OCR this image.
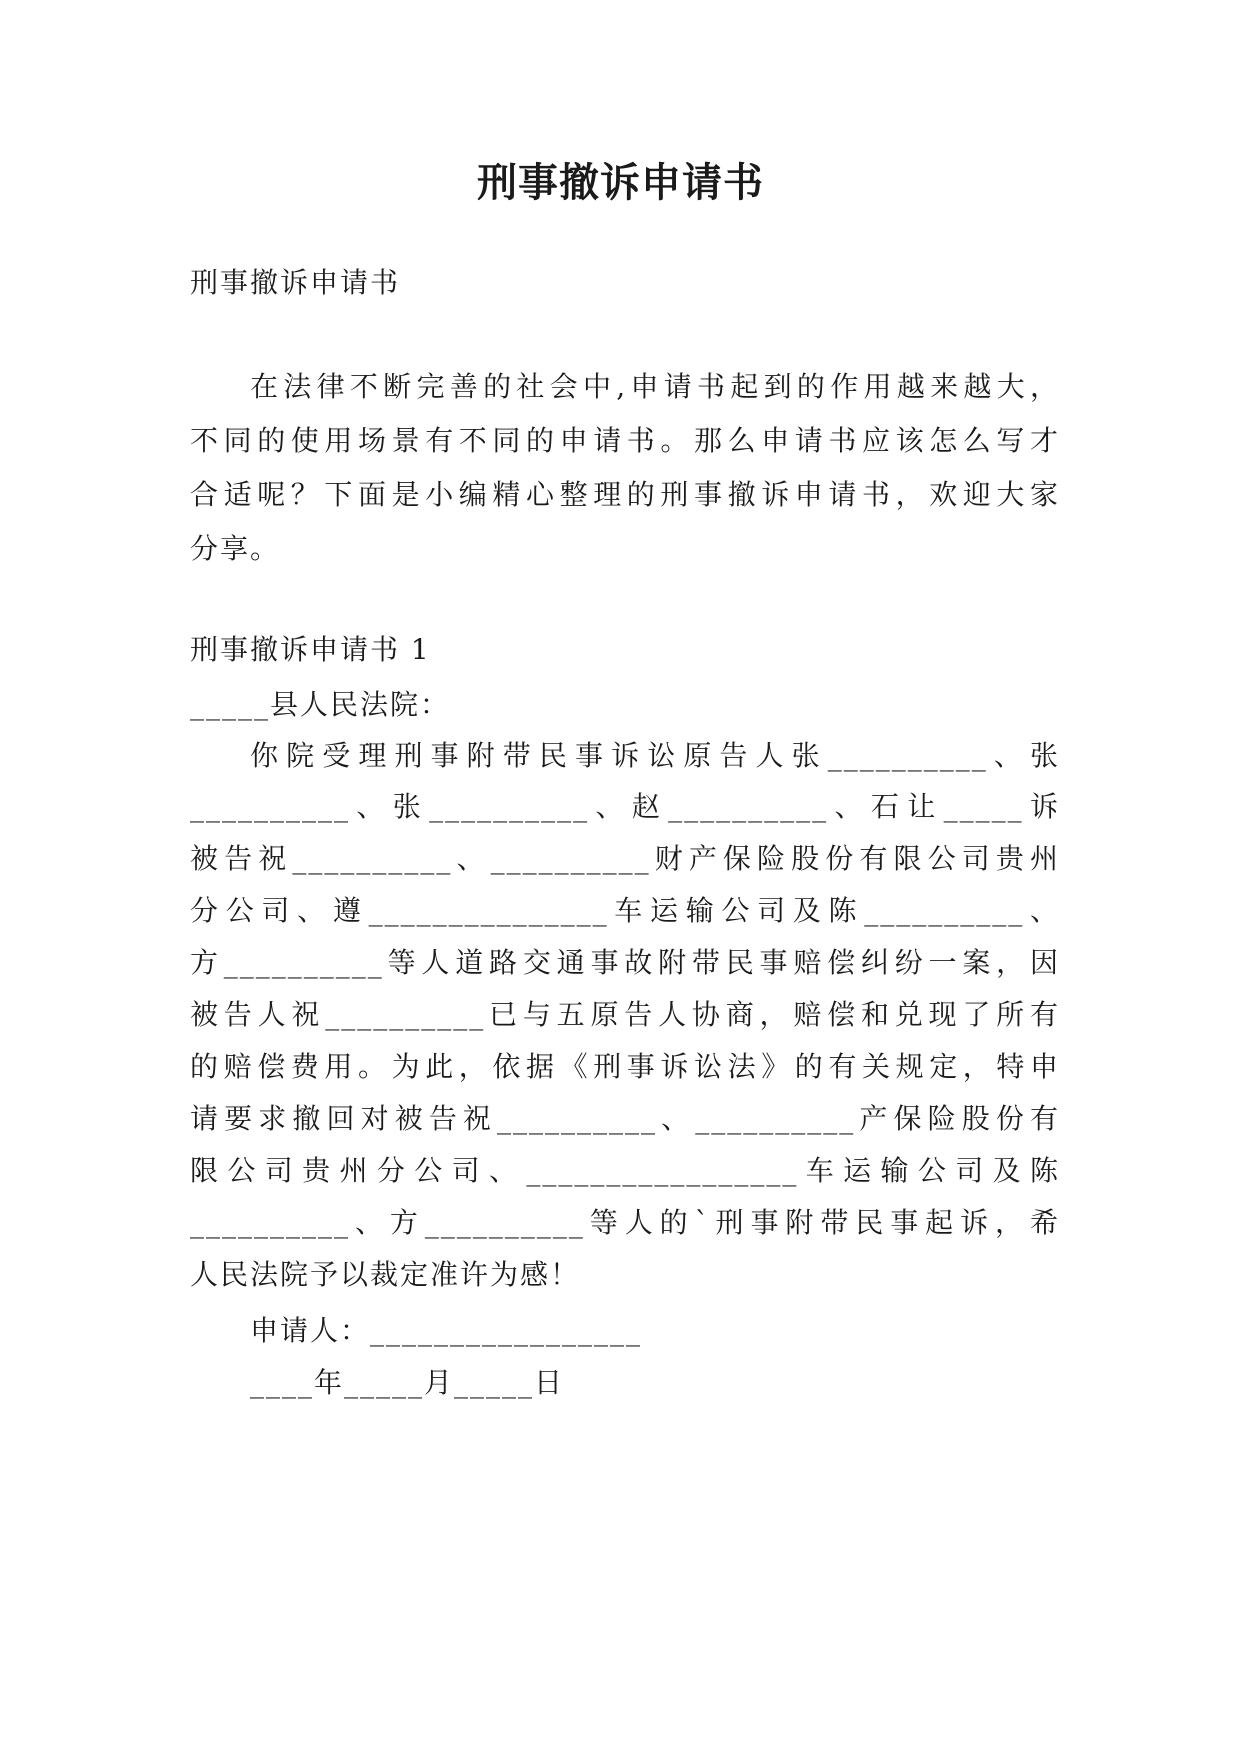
刑事撤诉申请书
刑事撤诉申请书
在法律不断完善的社会中,申请书起到的作用越来越大，
不同的使用场景有不同的申请书。那么申请书应该怎么写才
合适呢？下面是小编精心整理的刑事撤诉申请书，欢迎大家
分享。
刑事撤诉申请书 1
_____县人民法院：
你院受理刑事附带民事诉讼原告人张__________、张
__________、张__________、赵__________、石让_____诉
被告祝__________、__________财产保险股份有限公司贵州
分公司、遵_______________车运输公司及陈__________、
方__________等人道路交通事故附带民事赔偿纠纷一案，因
被告人祝__________已与五原告人协商，赔偿和兑现了所有
的赔偿费用。为此，依据《刑事诉讼法》的有关规定，特申
请要求撤回对被告祝__________、__________产保险股份有
限公司贵州分公司、_________________车运输公司及陈
__________、方__________等人的`刑事附带民事起诉，希
人民法院予以裁定准许为感！
申请人：_________________
____年_____月_____日
